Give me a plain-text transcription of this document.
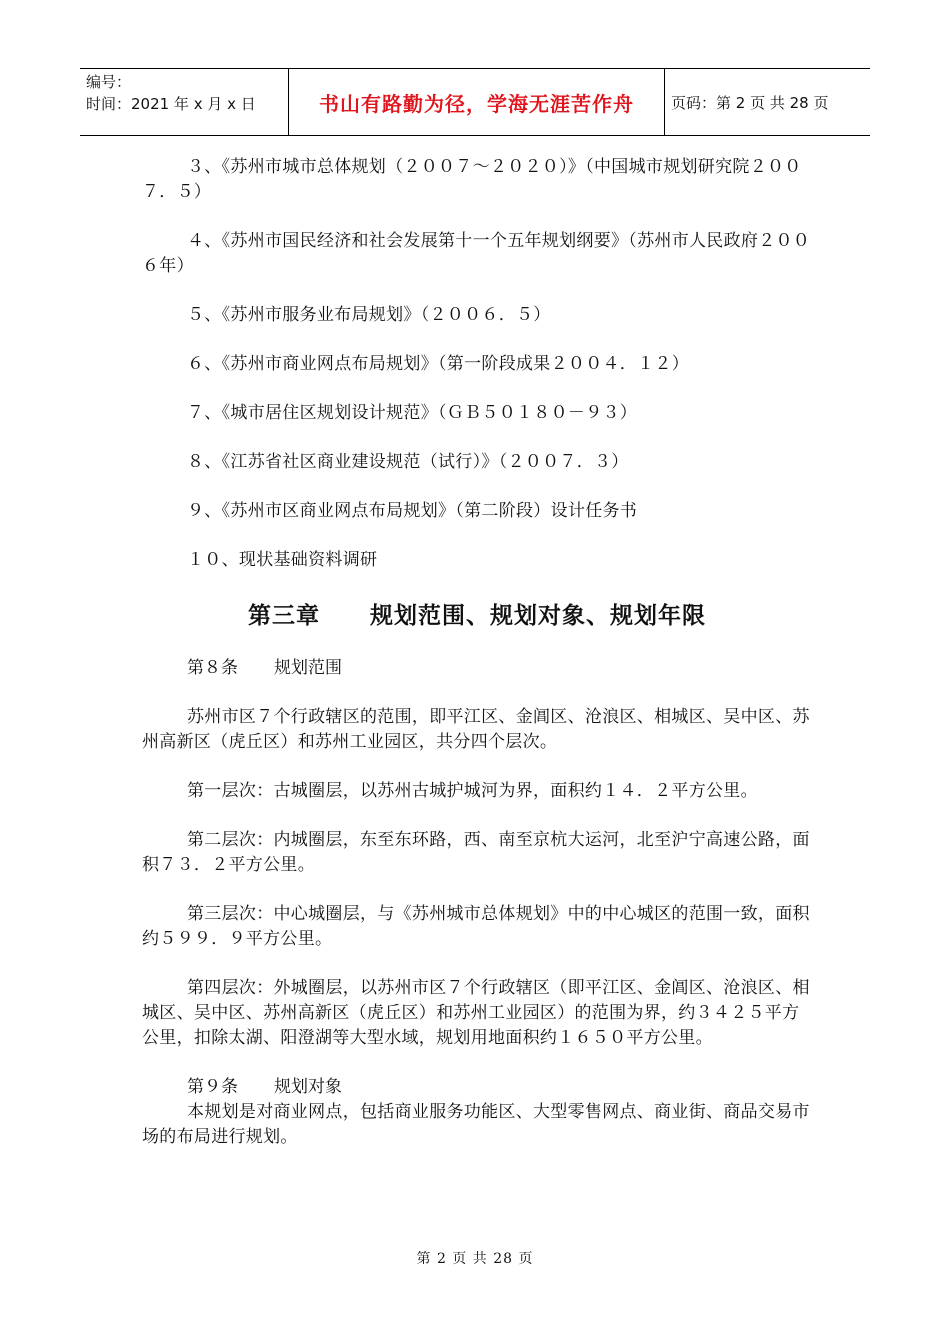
编号：
时间：2021 年 x 月 x 日	书山有路勤为径，学海无涯苦作舟	页码：第 2 页 共 28 页

３、《苏州市城市总体规划（２００７～２０２０）》（中国城市规划研究院２００７．５）

４、《苏州市国民经济和社会发展第十一个五年规划纲要》（苏州市人民政府２００６年）

５、《苏州市服务业布局规划》（２００６．５）

６、《苏州市商业网点布局规划》（第一阶段成果２００４．１２）

７、《城市居住区规划设计规范》（ＧＢ５０１８０－９３）

８、《江苏省社区商业建设规范（试行）》（２００７．３）

９、《苏州市区商业网点布局规划》（第二阶段）设计任务书

１０、现状基础资料调研

第三章 规划范围、规划对象、规划年限

第８条 规划范围

苏州市区７个行政辖区的范围，即平江区、金阊区、沧浪区、相城区、吴中区、苏州高新区（虎丘区）和苏州工业园区，共分四个层次。

第一层次：古城圈层，以苏州古城护城河为界，面积约１４．２平方公里。

第二层次：内城圈层，东至东环路，西、南至京杭大运河，北至沪宁高速公路，面积７３．２平方公里。

第三层次：中心城圈层，与《苏州城市总体规划》中的中心城区的范围一致，面积约５９９．９平方公里。

第四层次：外城圈层，以苏州市区７个行政辖区（即平江区、金阊区、沧浪区、相城区、吴中区、苏州高新区（虎丘区）和苏州工业园区）的范围为界，约３４２５平方公里，扣除太湖、阳澄湖等大型水域，规划用地面积约１６５０平方公里。

第９条 规划对象

本规划是对商业网点，包括商业服务功能区、大型零售网点、商业街、商品交易市场的布局进行规划。

第 2 页 共 28 页
